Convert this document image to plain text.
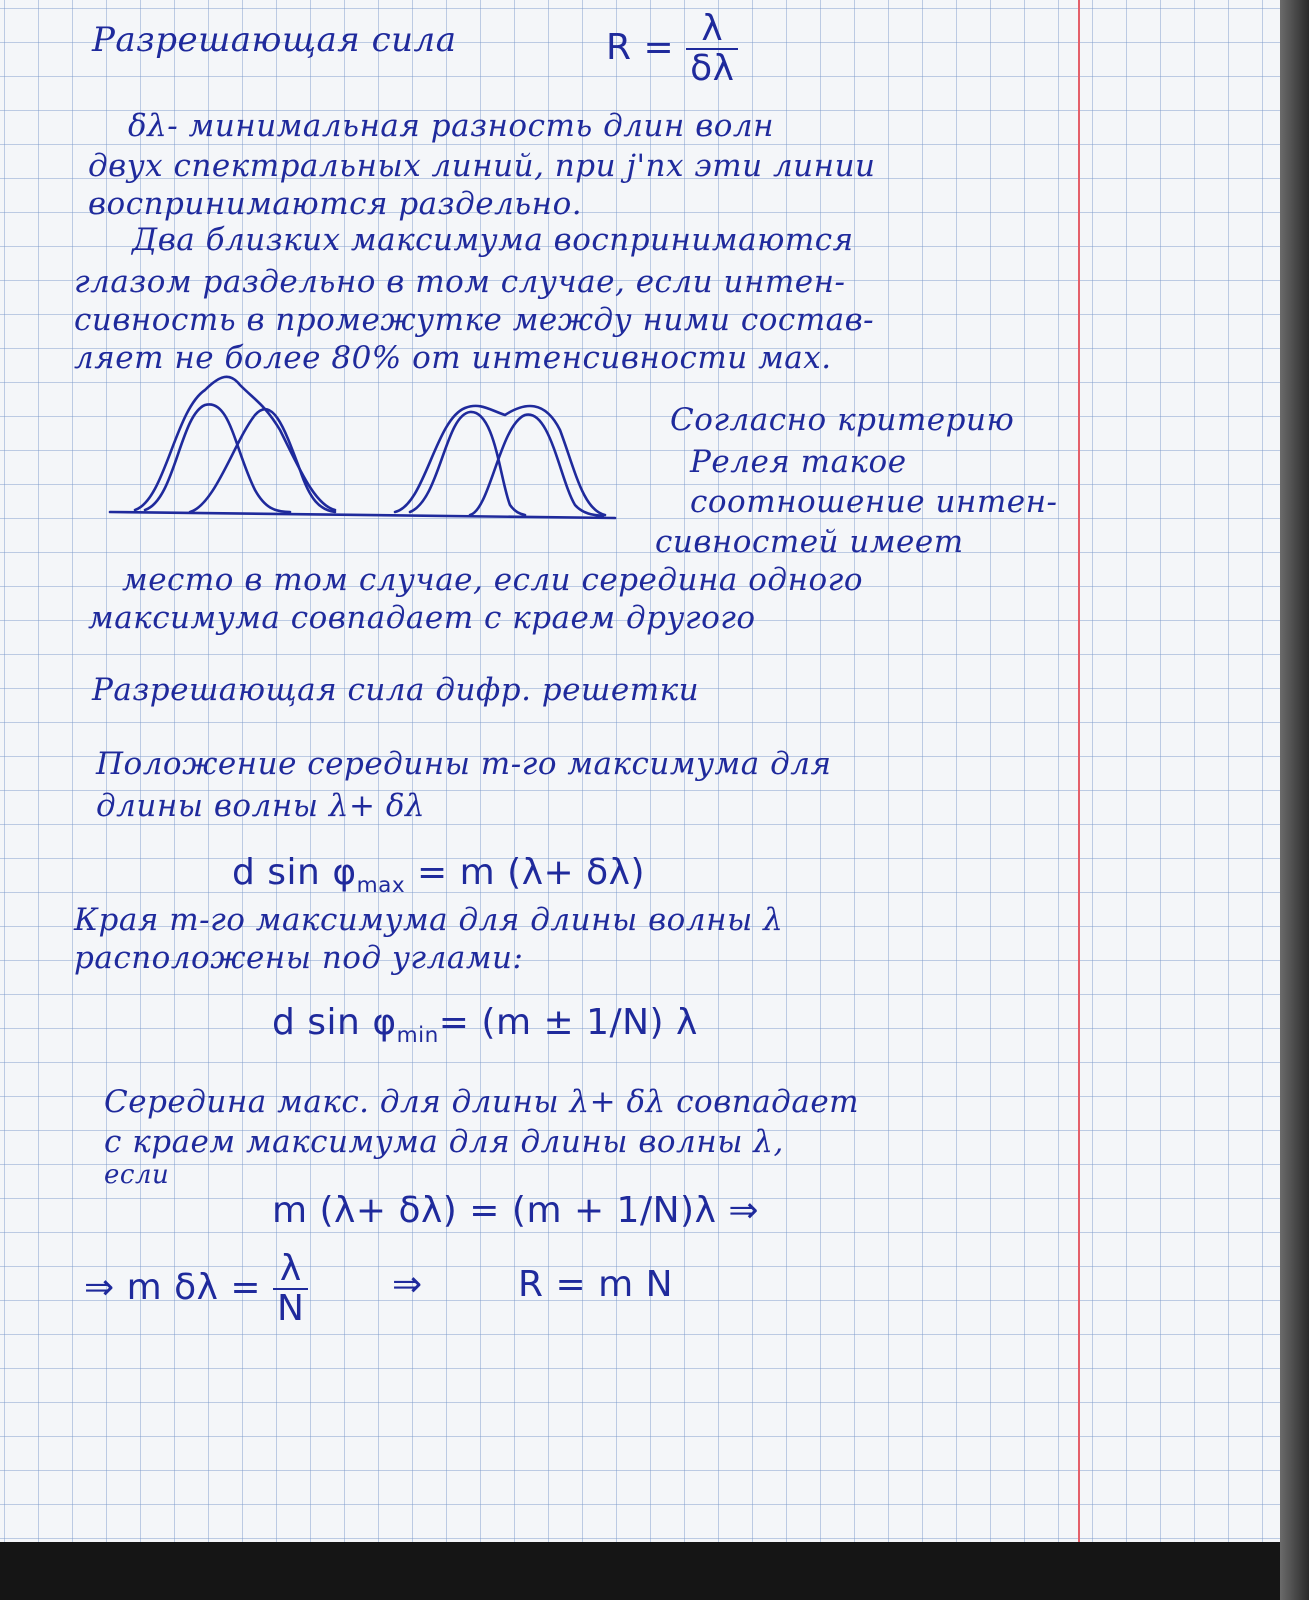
Разрешающая сила	$R = \frac{\lambda}{\delta\lambda}$
δλ- минимальная разность длин волн
двух спектральных линий, при j'nx эти линии
воспринимаются раздельно.
Два близких максимума воспринимаются
глазом раздельно в том случае, если интен-
сивность в промежутке между ними состав-
ляет не более 80% от интенсивности мах.
Согласно критерию
Релея такое
соотношение интен-
сивностей имеет
место в том случае, если середина одного
максимума совпадает с краем другого
Разрешающая сила дифр. решетки
Положение середины m-го максимума для
длины волны λ+ δλ
d $\sin \varphi_{max} = m$ (λ+ δλ)
Края m-го максимума для длины волны λ
расположены под углами:
d $\sin \varphi_{min}= (m \pm 1/N)$ λ
Середина макс. для длины λ+ δλ совпадает
с краем максимума для длины волны λ,
если
m (λ+ δλ) = (m + 1/N)λ ⇒
⇒ m $\delta\lambda = \frac{\lambda}{N}$ ⇒	R = m N
